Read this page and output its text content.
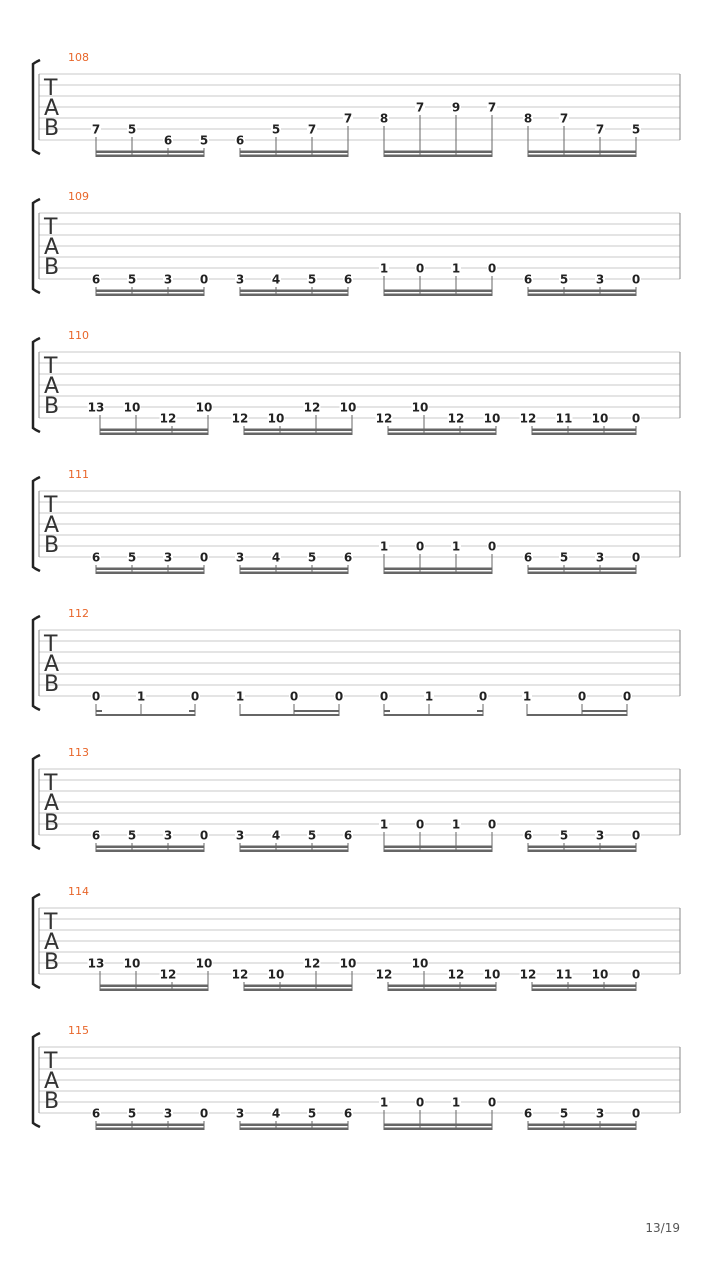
108
T
A
B	7 5
6 5 6
5 7
7 8
7 9 7
8 7
7 5
109
T
A
B	6 5 3 0 3 4 5 6
1 0 1 0
6 5 3 0
110
T
A
B 13 10
12
10
12 10
12 10
12
10
12 10 12 11 10 0
111
T
A
B	6 5 3 0 3 4 5 6
1 0 1 0
6 5 3 0
112
T
A
B	0	1	0	1	0	0	0	1	0	1	0	0
113
T
A
B	6 5 3 0 3 4 5 6
1 0 1 0
6 5 3 0
114
T
A
B 13 10
12
10
12 10
12 10
12
10
12 10 12 11 10 0
115
T
A
B	6 5 3 0 3 4 5 6
1 0 1 0
6 5 3 0
13/19
